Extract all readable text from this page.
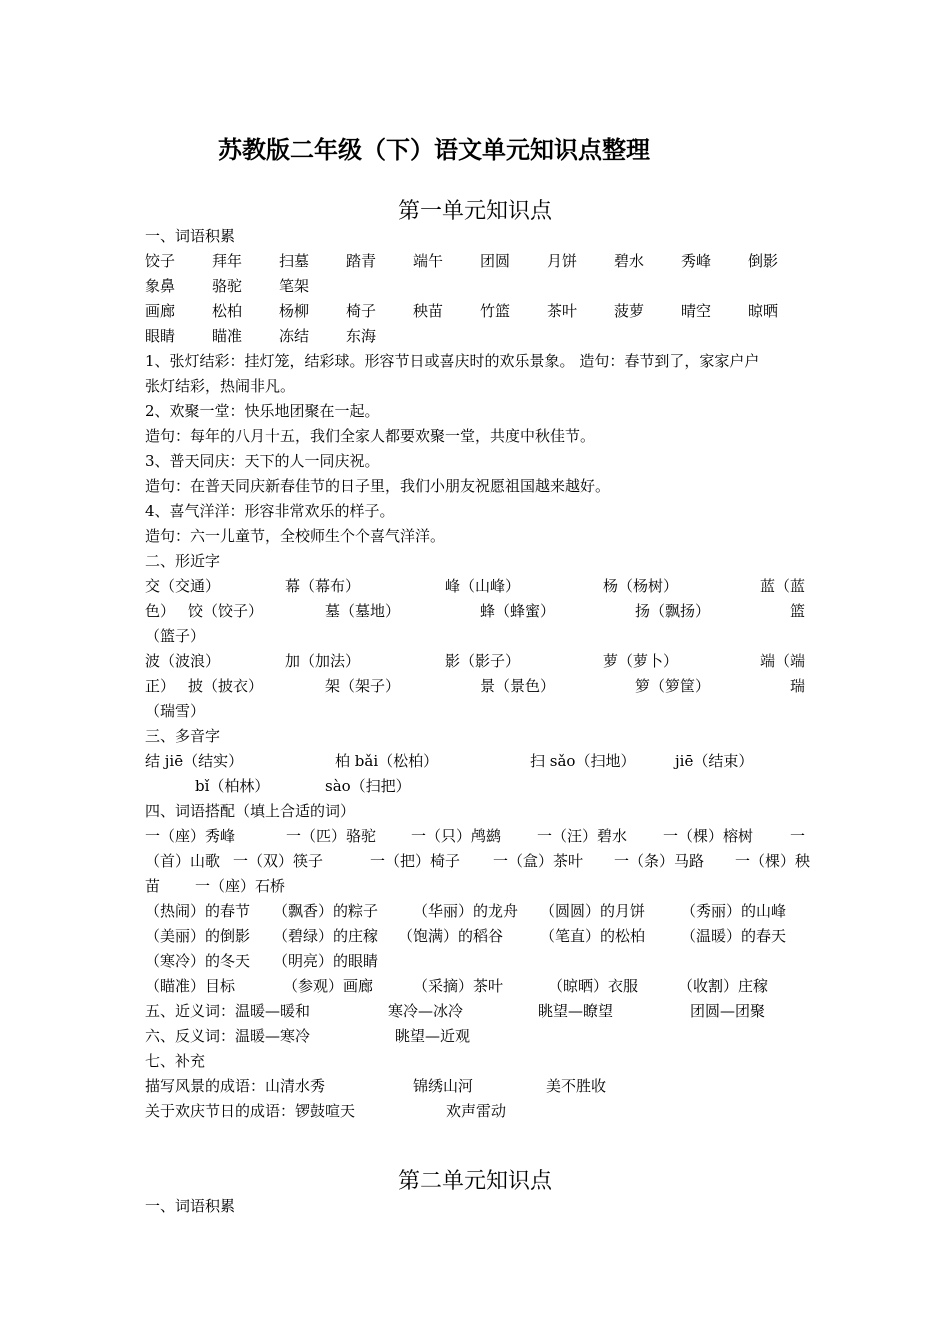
苏教版二年级（下）语文单元知识点整理
第一单元知识点
一、词语积累
饺子 拜年 扫墓 踏青 端午 团圆 月饼 碧水 秀峰 倒影
象鼻 骆驼 笔架
画廊 松柏 杨柳 椅子 秧苗 竹篮 茶叶 菠萝 晴空 晾晒
眼睛 瞄准 冻结 东海
1、张灯结彩：挂灯笼，结彩球。形容节日或喜庆时的欢乐景象。 造句：春节到了，家家户户
张灯结彩，热闹非凡。
2、欢聚一堂：快乐地团聚在一起。
造句：每年的八月十五，我们全家人都要欢聚一堂，共度中秋佳节。
3、普天同庆：天下的人一同庆祝。
造句：在普天同庆新春佳节的日子里，我们小朋友祝愿祖国越来越好。
4、喜气洋洋：形容非常欢乐的样子。
造句：六一儿童节，全校师生个个喜气洋洋。
二、形近字
交（交通）	幕（幕布）	峰（山峰）	杨（杨树）	蓝（蓝
色） 饺（饺子）	墓（墓地）	蜂（蜂蜜）	扬（飘扬）	篮
（篮子）
波（波浪）	加（加法）	影（影子）	萝（萝卜）	端（端
正） 披（披衣）	架（架子）	景（景色）	箩（箩筐）	瑞
（瑞雪）
三、多音字
结 jiē（结实）	柏 bǎi（松柏）	扫 sǎo（扫地）	jiē（结束）
bǐ（柏林）	sào（扫把）
四、词语搭配（填上合适的词）
一（座）秀峰	一（匹）骆驼 一（只）鸬鹚 一（汪）碧水 一（棵）榕树 一
（首）山歌 一（双）筷子	一（把）椅子 一（盒）茶叶 一（条）马路 一（棵）秧
苗 一（座）石桥
（热闹）的春节 （飘香）的粽子 （华丽）的龙舟 （圆圆）的月饼 （秀丽）的山峰
（美丽）的倒影 （碧绿）的庄稼 （饱满）的稻谷 （笔直）的松柏 （温暖）的春天
（寒冷）的冬天 （明亮）的眼睛
（瞄准）目标	（参观）画廊	（采摘）茶叶	（晾晒）衣服	（收割）庄稼
五、近义词：温暖—暖和	寒冷—冰冷	眺望—瞭望	团圆—团聚
六、反义词：温暖—寒冷	眺望—近观
七、补充
描写风景的成语：山清水秀	锦绣山河	美不胜收
关于欢庆节日的成语：锣鼓喧天	欢声雷动
第二单元知识点
一、词语积累
